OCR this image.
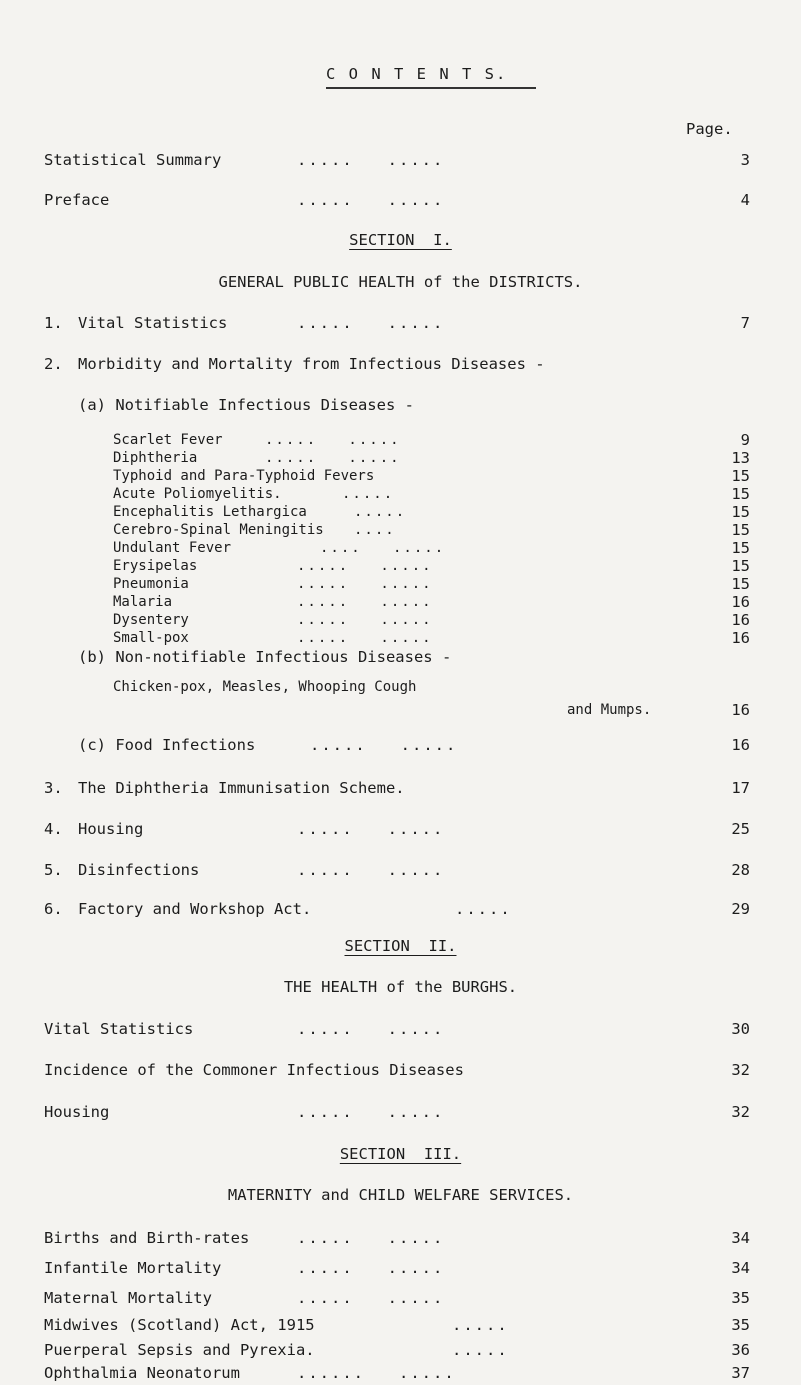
C O N T E N T S.
Page.
Statistical Summary	.....   .....	3
Preface	.....   .....	4
SECTION  I.
GENERAL PUBLIC HEALTH of the DISTRICTS.
1. Vital Statistics	.....   .....	7
2. Morbidity and Mortality from Infectious Diseases -
(a) Notifiable Infectious Diseases -
Scarlet Fever	.....   .....	9
Diphtheria	.....   .....	13
Typhoid and Para-Typhoid Fevers	15
Acute Poliomyelitis.	.....	15
Encephalitis Lethargica	.....	15
Cerebro-Spinal Meningitis ....	15
Undulant Fever	....   .....	15
Erysipelas	.....   .....	15
Pneumonia	.....   .....	15
Malaria	.....   .....	16
Dysentery	.....   .....	16
Small-pox	.....   .....	16
(b) Non-notifiable Infectious Diseases -
Chicken-pox, Measles, Whooping Cough
and Mumps.	16
(c) Food Infections	.....   .....	16
3. The Diphtheria Immunisation Scheme.	17
4. Housing	.....   .....	25
5. Disinfections	.....   .....	28
6. Factory and Workshop Act.	.....	29
SECTION  II.
THE HEALTH of the BURGHS.
Vital Statistics	.....   .....	30
Incidence of the Commoner Infectious Diseases	32
Housing	.....   .....	32
SECTION  III.
MATERNITY and CHILD WELFARE SERVICES.
Births and Birth-rates	.....   .....	34
Infantile Mortality	.....   .....	34
Maternal Mortality	.....   .....	35
Midwives (Scotland) Act, 1915	.....	35
Puerperal Sepsis and Pyrexia.	.....	36
Ophthalmia Neonatorum	......   .....	37
